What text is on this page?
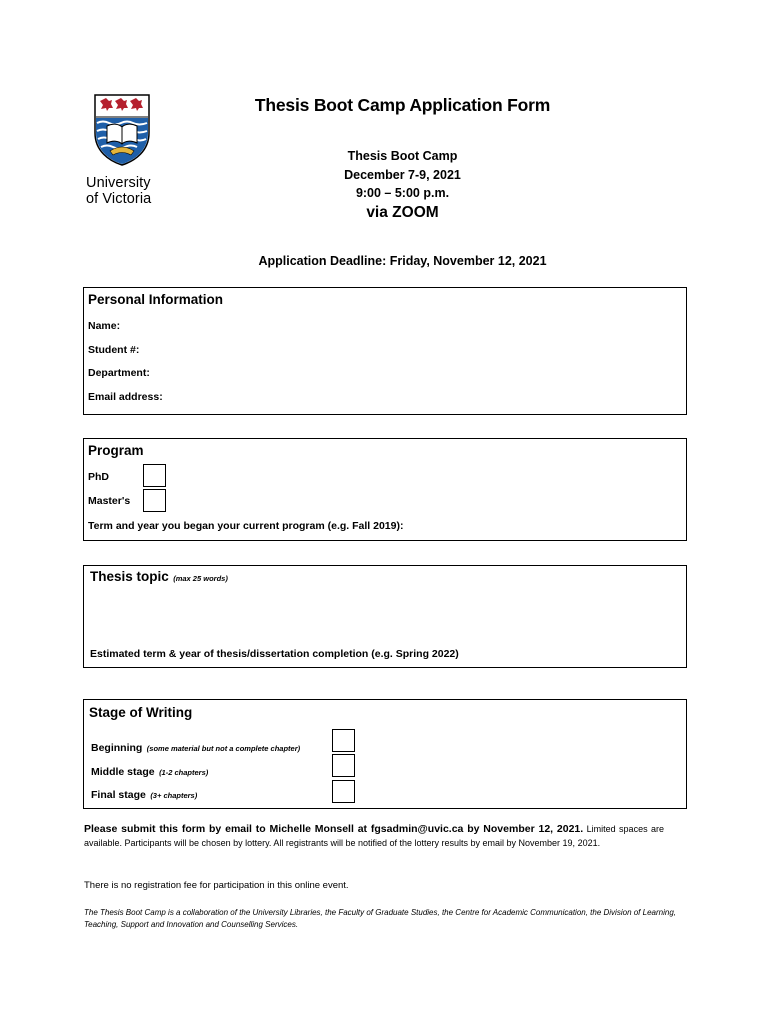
University
of Victoria
Thesis Boot Camp Application Form
Thesis Boot Camp
December 7-9, 2021
9:00 – 5:00 p.m.
via ZOOM
Application Deadline: Friday, November 12, 2021
Personal Information
Name:
Student #:
Department:
Email address:
Program
PhD
Master's
Term and year you began your current program (e.g. Fall 2019):
Thesis topic (max 25 words)
Estimated term & year of thesis/dissertation completion (e.g. Spring 2022)
Stage of Writing
Beginning (some material but not a complete chapter)
Middle stage (1-2 chapters)
Final stage (3+ chapters)
Please submit this form by email to Michelle Monsell at fgsadmin@uvic.ca by November 12, 2021. Limited spaces are available. Participants will be chosen by lottery. All registrants will be notified of the lottery results by email by November 19, 2021.
There is no registration fee for participation in this online event.
The Thesis Boot Camp is a collaboration of the University Libraries, the Faculty of Graduate Studies, the Centre for Academic Communication, the Division of Learning, Teaching, Support and Innovation and Counselling Services.
